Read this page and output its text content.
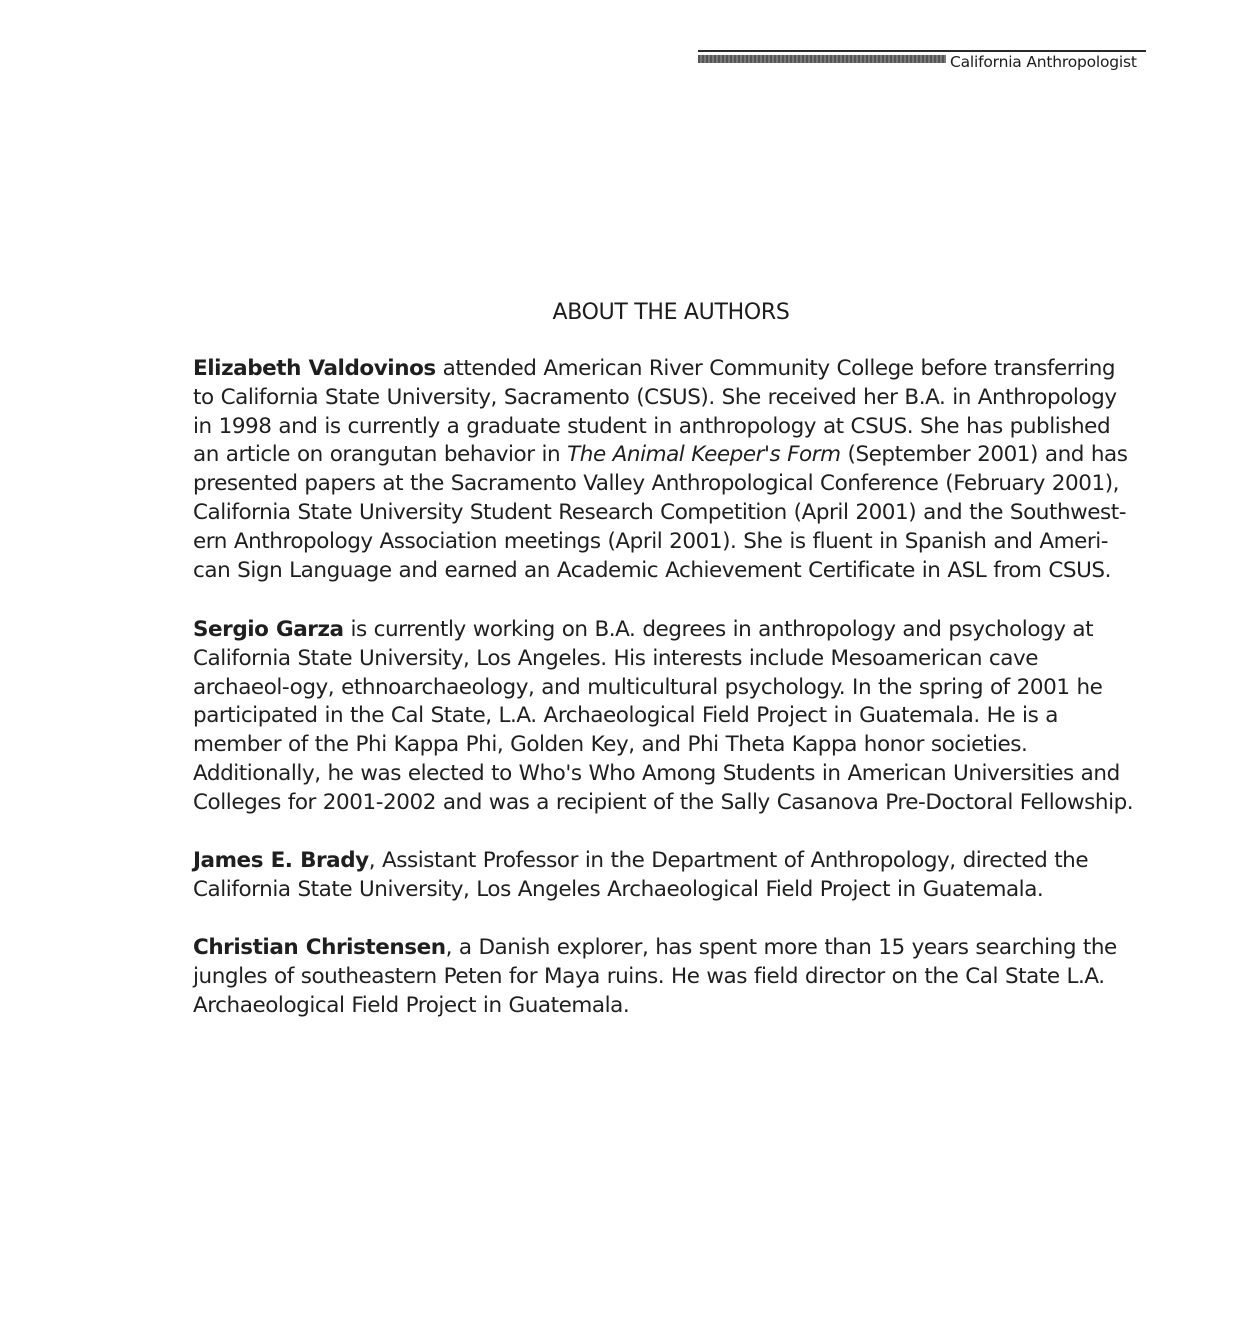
California Anthropologist
ABOUT THE AUTHORS

Elizabeth Valdovinos attended American River Community College before transferring to California State University, Sacramento (CSUS). She received her B.A. in Anthropology in 1998 and is currently a graduate student in anthropology at CSUS. She has published an article on orangutan behavior in The Animal Keeper's Form (September 2001) and has presented papers at the Sacramento Valley Anthropological Conference (February 2001), California State University Student Research Competition (April 2001) and the Southwest-ern Anthropology Association meetings (April 2001). She is fluent in Spanish and Ameri-can Sign Language and earned an Academic Achievement Certificate in ASL from CSUS.

Sergio Garza is currently working on B.A. degrees in anthropology and psychology at California State University, Los Angeles. His interests include Mesoamerican cave archaeol-ogy, ethnoarchaeology, and multicultural psychology. In the spring of 2001 he participated in the Cal State, L.A. Archaeological Field Project in Guatemala. He is a member of the Phi Kappa Phi, Golden Key, and Phi Theta Kappa honor societies. Additionally, he was elected to Who's Who Among Students in American Universities and Colleges for 2001-2002 and was a recipient of the Sally Casanova Pre-Doctoral Fellowship.

James E. Brady, Assistant Professor in the Department of Anthropology, directed the California State University, Los Angeles Archaeological Field Project in Guatemala.

Christian Christensen, a Danish explorer, has spent more than 15 years searching the jungles of southeastern Peten for Maya ruins. He was field director on the Cal State L.A. Archaeological Field Project in Guatemala.
